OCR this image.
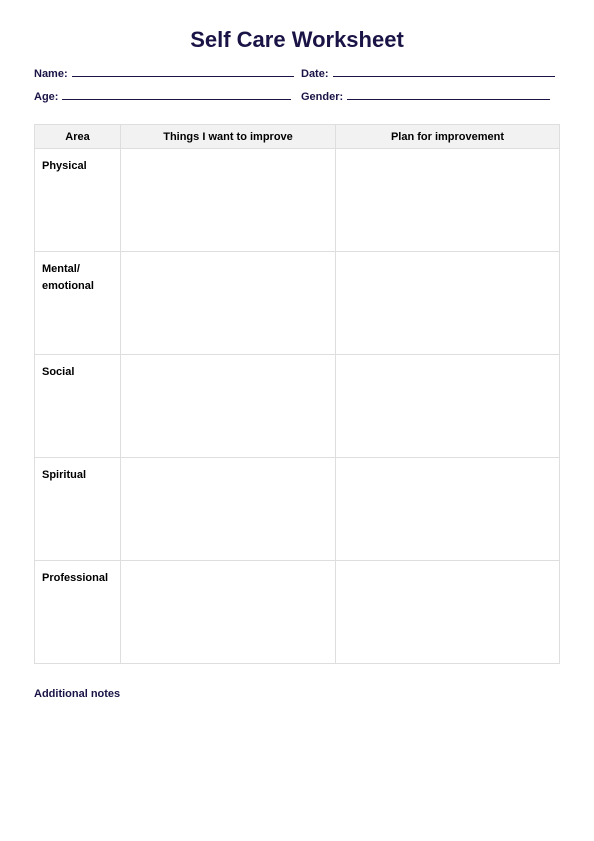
Self Care Worksheet
Name:	Date:
Age:	Gender:
Area	Things I want to improve	Plan for improvement
Physical		
Mental/
emotional		
Social		
Spiritual		
Professional		
Additional notes
